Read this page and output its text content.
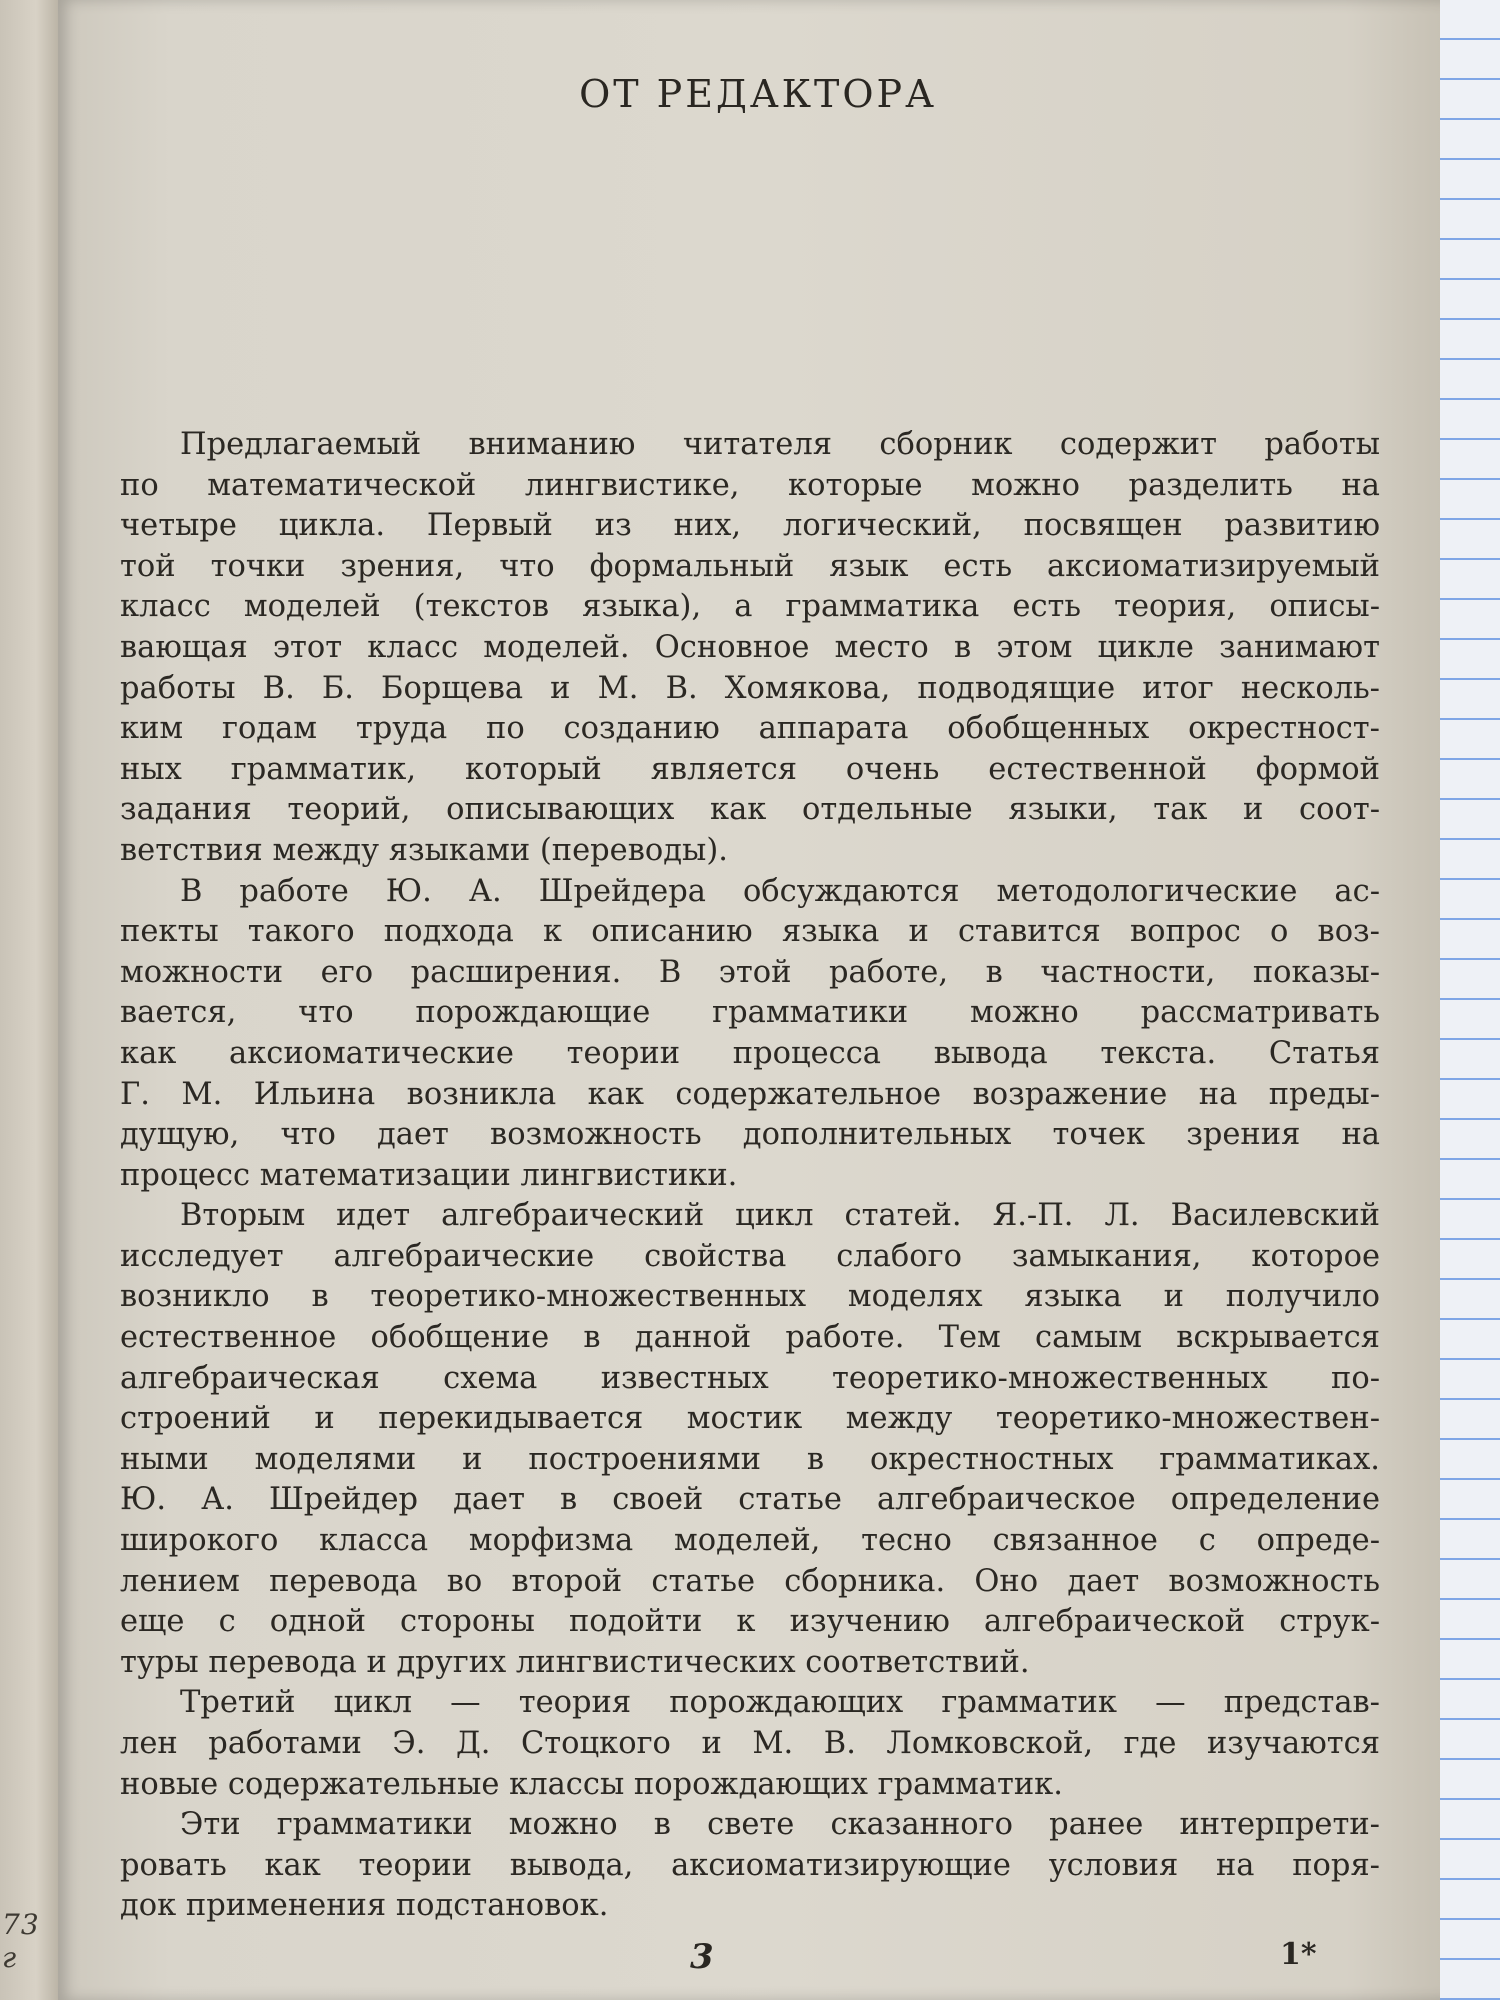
73 г
ОТ РЕДАКТОРА
Предлагаемый вниманию читателя сборник содержит работы
по математической лингвистике, которые можно разделить на
четыре цикла. Первый из них, логический, посвящен развитию
той точки зрения, что формальный язык есть аксиоматизируемый
класс моделей (текстов языка), а грамматика есть теория, описы-
вающая этот класс моделей. Основное место в этом цикле занимают
работы В. Б. Борщева и М. В. Хомякова, подводящие итог несколь-
ким годам труда по созданию аппарата обобщенных окрестност-
ных грамматик, который является очень естественной формой
задания теорий, описывающих как отдельные языки, так и соот-
ветствия между языками (переводы).
В работе Ю. А. Шрейдера обсуждаются методологические ас-
пекты такого подхода к описанию языка и ставится вопрос о воз-
можности его расширения. В этой работе, в частности, показы-
вается, что порождающие грамматики можно рассматривать
как аксиоматические теории процесса вывода текста. Статья
Г. М. Ильина возникла как содержательное возражение на преды-
дущую, что дает возможность дополнительных точек зрения на
процесс математизации лингвистики.
Вторым идет алгебраический цикл статей. Я.-П. Л. Василевский
исследует алгебраические свойства слабого замыкания, которое
возникло в теоретико-множественных моделях языка и получило
естественное обобщение в данной работе. Тем самым вскрывается
алгебраическая схема известных теоретико-множественных по-
строений и перекидывается мостик между теоретико-множествен-
ными моделями и построениями в окрестностных грамматиках.
Ю. А. Шрейдер дает в своей статье алгебраическое определение
широкого класса морфизма моделей, тесно связанное с опреде-
лением перевода во второй статье сборника. Оно дает возможность
еще с одной стороны подойти к изучению алгебраической струк-
туры перевода и других лингвистических соответствий.
Третий цикл — теория порождающих грамматик — представ-
лен работами Э. Д. Стоцкого и М. В. Ломковской, где изучаются
новые содержательные классы порождающих грамматик.
Эти грамматики можно в свете сказанного ранее интерпрети-
ровать как теории вывода, аксиоматизирующие условия на поря-
док применения подстановок.
3	1*
